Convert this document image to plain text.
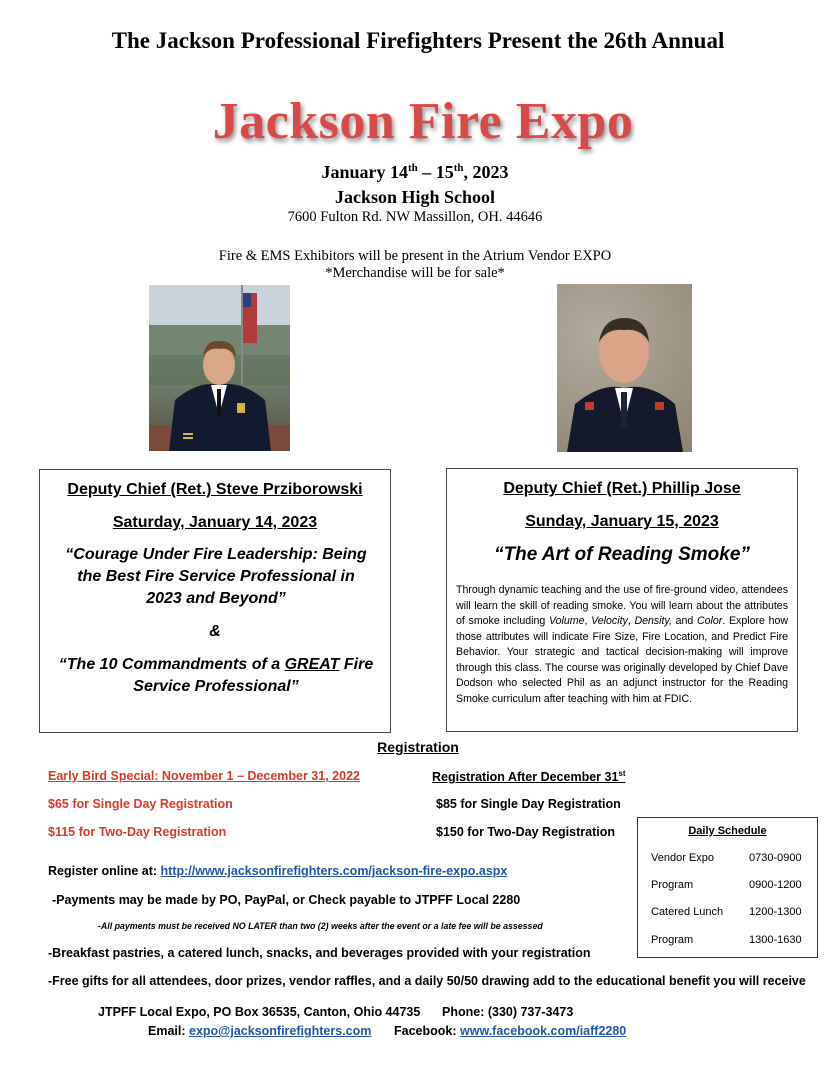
The Jackson Professional Firefighters Present the 26th Annual
Jackson Fire Expo
January 14th – 15th, 2023
Jackson High School
7600 Fulton Rd. NW Massillon, OH. 44646
Fire & EMS Exhibitors will be present in the Atrium Vendor EXPO
*Merchandise will be for sale*
Deputy Chief (Ret.) Steve Prziborowski
Saturday, January 14, 2023
“Courage Under Fire Leadership: Being the Best Fire Service Professional in 2023 and Beyond”
&
“The 10 Commandments of a GREAT Fire Service Professional”
Deputy Chief (Ret.) Phillip Jose
Sunday, January 15, 2023
“The Art of Reading Smoke”
Through dynamic teaching and the use of fire-ground video, attendees will learn the skill of reading smoke. You will learn about the attributes of smoke including Volume, Velocity, Density, and Color. Explore how those attributes will indicate Fire Size, Fire Location, and Predict Fire Behavior. Your strategic and tactical decision-making will improve through this class. The course was originally developed by Chief Dave Dodson who selected Phil as an adjunct instructor for the Reading Smoke curriculum after teaching with him at FDIC.
Registration
Early Bird Special: November 1 – December 31, 2022
$65 for Single Day Registration
$115 for Two-Day Registration
Registration After December 31st
$85 for Single Day Registration
$150 for Two-Day Registration
Register online at: http://www.jacksonfirefighters.com/jackson-fire-expo.aspx
-Payments may be made by PO, PayPal, or Check payable to JTPFF Local 2280
-All payments must be received NO LATER than two (2) weeks after the event or a late fee will be assessed
-Breakfast pastries, a catered lunch, snacks, and beverages provided with your registration
-Free gifts for all attendees, door prizes, vendor raffles, and a daily 50/50 drawing add to the educational benefit you will receive
Daily Schedule
Vendor Expo	0730-0900
Program	0900-1200
Catered Lunch 1200-1300
Program	1300-1630
JTPFF Local Expo, PO Box 36535, Canton, Ohio 44735 Phone: (330) 737-3473
Email: expo@jacksonfirefighters.com Facebook: www.facebook.com/iaff2280
